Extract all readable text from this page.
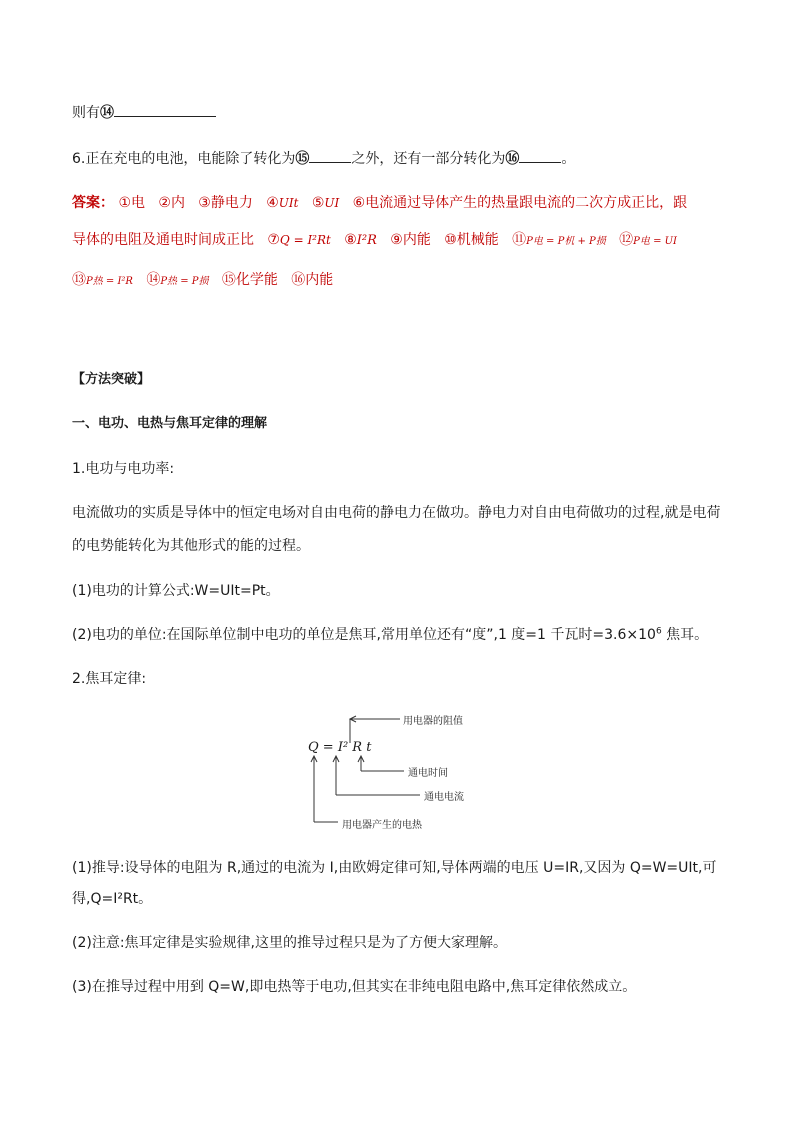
则有⑭
6.正在充电的电池，电能除了转化为⑮	之外，还有一部分转化为⑯	。
答案： ①电 ②内 ③静电力 ④UIt ⑤UI ⑥电流通过导体产生的热量跟电流的二次方成正比，跟
导体的电阻及通电时间成正比 ⑦Q = I²Rt ⑧I²R ⑨内能 ⑩机械能 ⑪P电 = P机 + P损 ⑫P电 = UI
⑬P热 = I²R ⑭P热 = P损 ⑮化学能 ⑯内能
【方法突破】
一、电功、电热与焦耳定律的理解
1.电功与电功率:
电流做功的实质是导体中的恒定电场对自由电荷的静电力在做功。静电力对自由电荷做功的过程,就是电荷
的电势能转化为其他形式的能的过程。
(1)电功的计算公式:W=UIt=Pt。
(2)电功的单位:在国际单位制中电功的单位是焦耳,常用单位还有“度”,1 度=1 千瓦时$=3.6\times 10^6$ 焦耳。
2.焦耳定律:
Q = I² R t
用电器的阻值
通电时间
通电电流
用电器产生的电热
(1)推导:设导体的电阻为 R,通过的电流为 I,由欧姆定律可知,导体两端的电压 U=IR,又因为 Q=W=UIt,可
得,Q=I²Rt。
(2)注意:焦耳定律是实验规律,这里的推导过程只是为了方便大家理解。
(3)在推导过程中用到 Q=W,即电热等于电功,但其实在非纯电阻电路中,焦耳定律依然成立。
